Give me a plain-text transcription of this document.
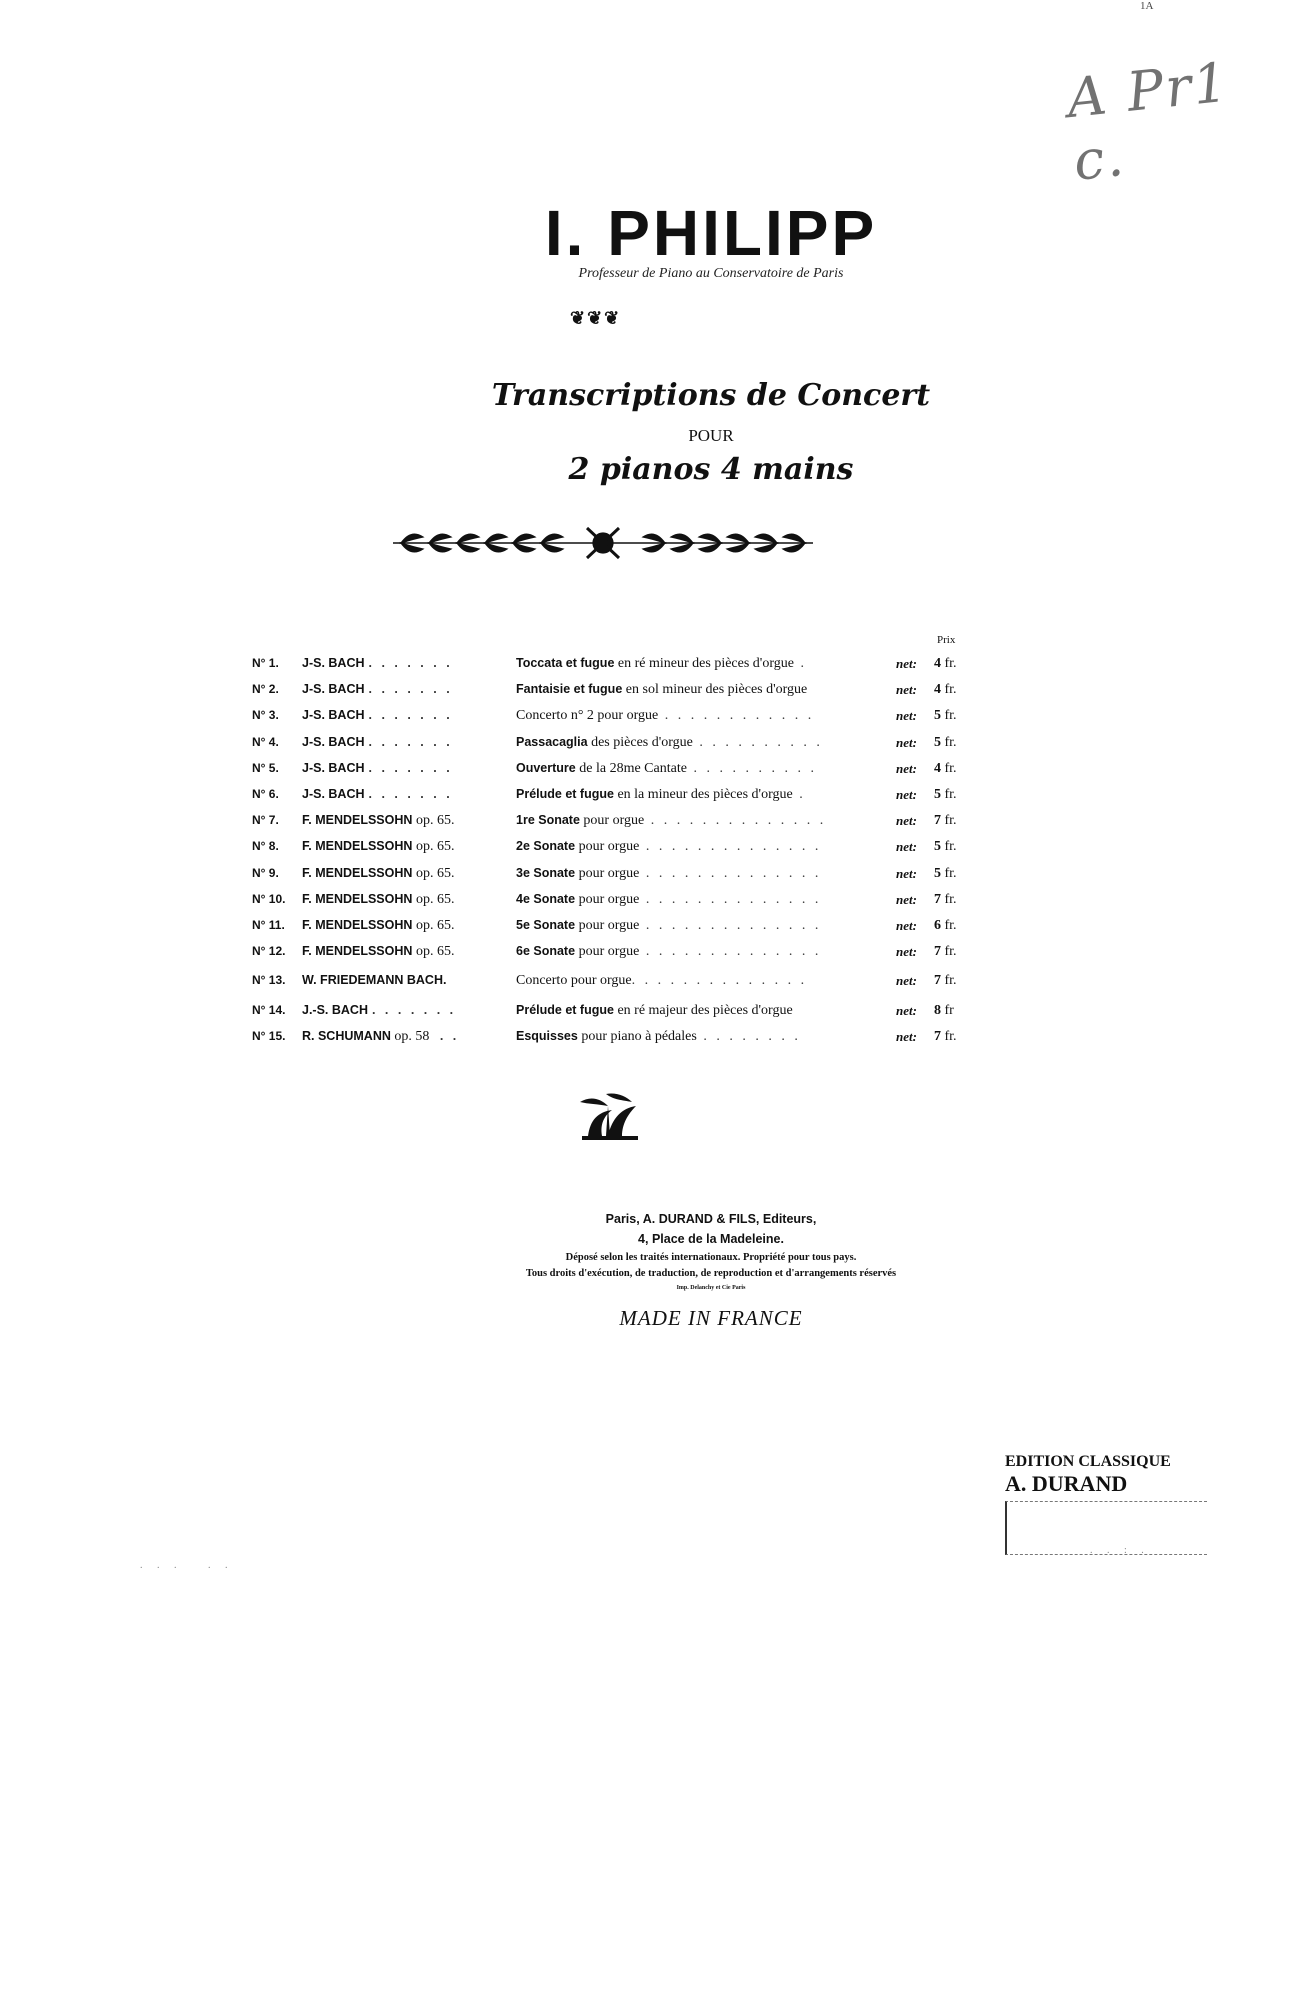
1A
A Pr1 c.
I. PHILIPP
Professeur de Piano au Conservatoire de Paris
❦❦❦
Transcriptions de Concert
POUR
2 pianos 4 mains
Prix
N° 1. J-S. BACH . . . . . . .	Toccata et fugue en ré mineur des pièces d'orgue .	net: 4 fr.
N° 2. J-S. BACH . . . . . . .	Fantaisie et fugue en sol mineur des pièces d'orgue	net: 4 fr.
N° 3. J-S. BACH . . . . . . .	Concerto n° 2 pour orgue . . . . . . . . . . . .	net: 5 fr.
N° 4. J-S. BACH . . . . . . .	Passacaglia des pièces d'orgue . . . . . . . . . .	net: 5 fr.
N° 5. J-S. BACH . . . . . . .	Ouverture de la 28me Cantate . . . . . . . . . .	net: 4 fr.
N° 6. J-S. BACH . . . . . . .	Prélude et fugue en la mineur des pièces d'orgue .	net: 5 fr.
N° 7. F. MENDELSSOHN op. 65.	1re Sonate pour orgue . . . . . . . . . . . . . .	net: 7 fr.
N° 8. F. MENDELSSOHN op. 65.	2e Sonate pour orgue . . . . . . . . . . . . . .	net: 5 fr.
N° 9. F. MENDELSSOHN op. 65.	3e Sonate pour orgue . . . . . . . . . . . . . .	net: 5 fr.
N° 10. F. MENDELSSOHN op. 65.	4e Sonate pour orgue . . . . . . . . . . . . . .	net: 7 fr.
N° 11. F. MENDELSSOHN op. 65.	5e Sonate pour orgue . . . . . . . . . . . . . .	net: 6 fr.
N° 12. F. MENDELSSOHN op. 65.	6e Sonate pour orgue . . . . . . . . . . . . . .	net: 7 fr.
N° 13. W. FRIEDEMANN BACH.	Concerto pour orgue. . . . . . . . . . . . . .	net: 7 fr.
N° 14. J.-S. BACH . . . . . . .	Prélude et fugue en ré majeur des pièces d'orgue	net: 8 fr
N° 15. R. SCHUMANN op. 58 . .	Esquisses pour piano à pédales . . . . . . . .	net: 7 fr.
Paris, A. DURAND & FILS, Editeurs,
4, Place de la Madeleine.
Déposé selon les traités internationaux. Propriété pour tous pays.
Tous droits d'exécution, de traduction, de reproduction et d'arrangements réservés
Imp. Delanchy et Cie Paris
MADE IN FRANCE
EDITION CLASSIQUE
A. DURAND
. . .   . .
. . : .
